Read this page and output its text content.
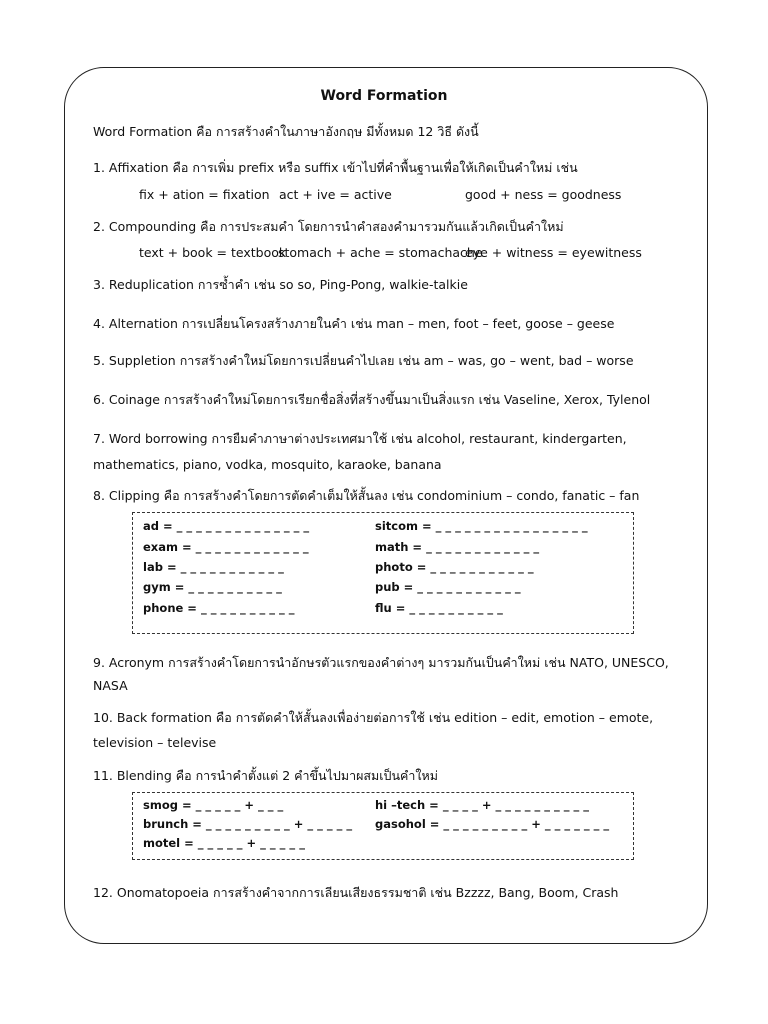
Word Formation
Word Formation คือ การสร้างคำในภาษาอังกฤษ มีทั้งหมด 12 วิธี ดังนี้
1. Affixation คือ การเพิ่ม prefix หรือ suffix เข้าไปที่คำพื้นฐานเพื่อให้เกิดเป็นคำใหม่ เช่น
fix + ation = fixation act + ive = active	good + ness = goodness
2. Compounding คือ การประสมคำ โดยการนำคำสองคำมารวมกันแล้วเกิดเป็นคำใหม่
text + book = textbook
stomach + ache = stomachache
eye + witness = eyewitness
3. Reduplication การซ้ำคำ เช่น so so, Ping-Pong, walkie-talkie
4. Alternation การเปลี่ยนโครงสร้างภายในคำ เช่น man – men, foot – feet, goose – geese
5. Suppletion การสร้างคำใหม่โดยการเปลี่ยนคำไปเลย เช่น am – was, go – went, bad – worse
6. Coinage การสร้างคำใหม่โดยการเรียกชื่อสิ่งที่สร้างขึ้นมาเป็นสิ่งแรก เช่น Vaseline, Xerox, Tylenol
7. Word borrowing การยืมคำภาษาต่างประเทศมาใช้ เช่น alcohol, restaurant, kindergarten,
mathematics, piano, vodka, mosquito, karaoke, banana
8. Clipping คือ การสร้างคำโดยการตัดคำเต็มให้สั้นลง เช่น condominium – condo, fanatic – fan
ad = _ _ _ _ _ _ _ _ _ _ _ _ _ _
exam = _ _ _ _ _ _ _ _ _ _ _ _
lab = _ _ _ _ _ _ _ _ _ _ _
gym = _ _ _ _ _ _ _ _ _ _
phone = _ _ _ _ _ _ _ _ _ _
sitcom = _ _ _ _ _ _ _ _ _ _ _ _ _ _ _ _
math = _ _ _ _ _ _ _ _ _ _ _ _
photo = _ _ _ _ _ _ _ _ _ _ _
pub = _ _ _ _ _ _ _ _ _ _ _
flu = _ _ _ _ _ _ _ _ _ _
9. Acronym การสร้างคำโดยการนำอักษรตัวแรกของคำต่างๆ มารวมกันเป็นคำใหม่ เช่น NATO, UNESCO,
NASA
10. Back formation คือ การตัดคำให้สั้นลงเพื่อง่ายต่อการใช้ เช่น edition – edit, emotion – emote,
television – televise
11. Blending คือ การนำคำตั้งแต่ 2 คำขึ้นไปมาผสมเป็นคำใหม่
smog = _ _ _ _ _ + _ _ _
brunch = _ _ _ _ _ _ _ _ _ + _ _ _ _ _
motel = _ _ _ _ _ + _ _ _ _ _
hi –tech = _ _ _ _ + _ _ _ _ _ _ _ _ _ _
gasohol = _ _ _ _ _ _ _ _ _ + _ _ _ _ _ _ _
12. Onomatopoeia การสร้างคำจากการเลียนเสียงธรรมชาติ เช่น Bzzzz, Bang, Boom, Crash
